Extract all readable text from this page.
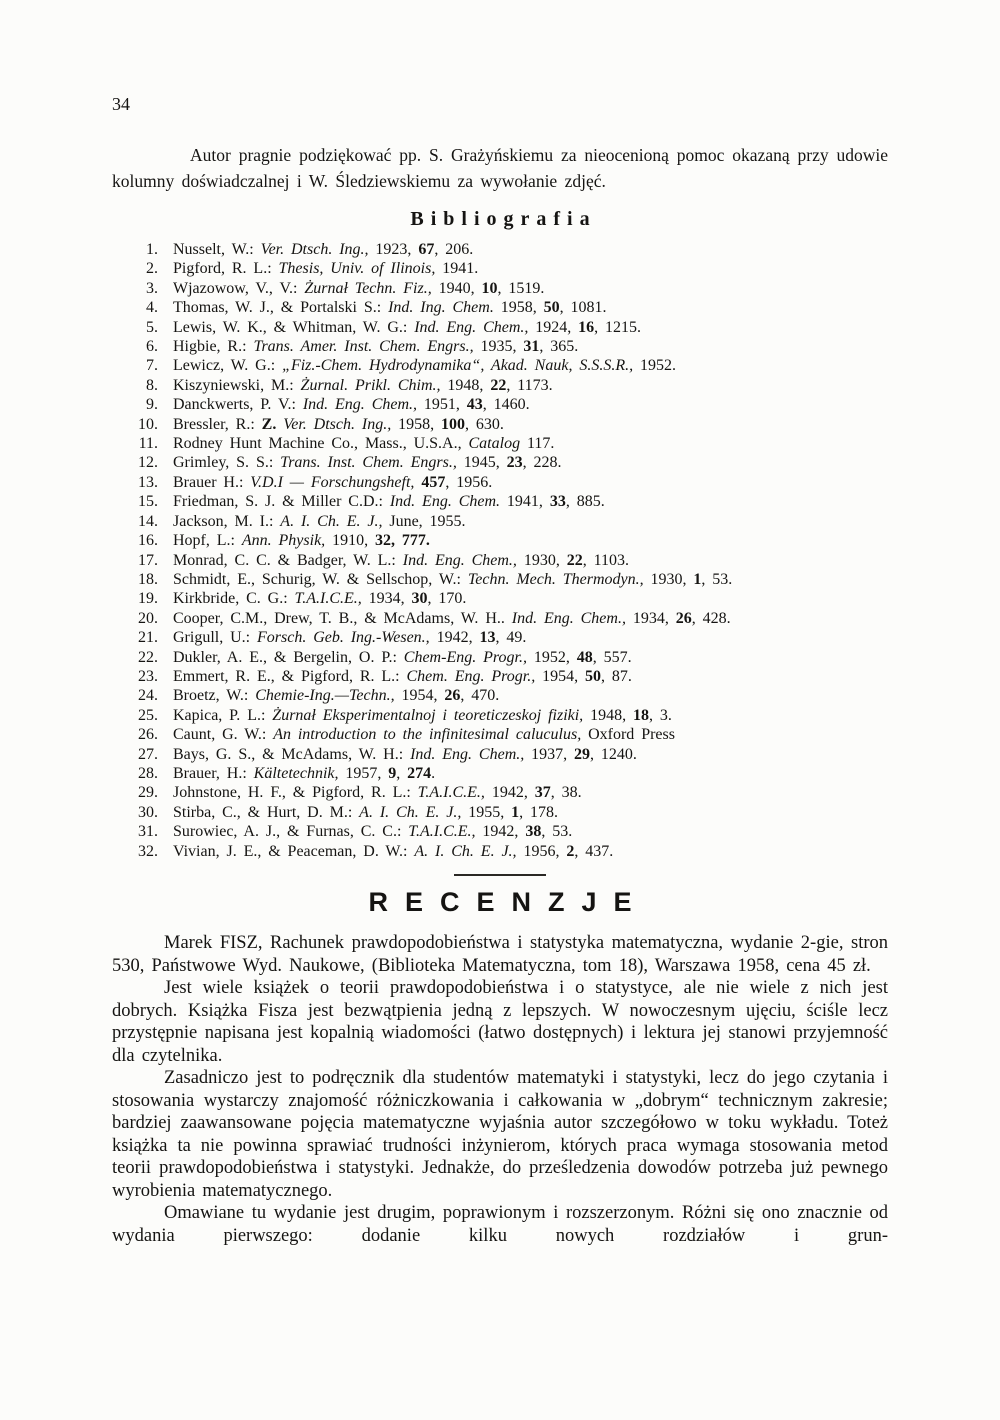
34

Autor pragnie podziękować pp. S. Grażyńskiemu za nieocenioną pomoc okazaną przy udowie kolumny doświadczalnej i W. Śledziewskiemu za wywołanie zdjęć.

Bibliografia
1. Nusselt, W.: Ver. Dtsch. Ing., 1923, 67, 206.
2. Pigford, R. L.: Thesis, Univ. of Ilinois, 1941.
3. Wjazowow, V., V.: Żurnał Techn. Fiz., 1940, 10, 1519.
4. Thomas, W. J., & Portalski S.: Ind. Ing. Chem. 1958, 50, 1081.
5. Lewis, W. K., & Whitman, W. G.: Ind. Eng. Chem., 1924, 16, 1215.
6. Higbie, R.: Trans. Amer. Inst. Chem. Engrs., 1935, 31, 365.
7. Lewicz, W. G.: „Fiz.-Chem. Hydrodynamika“, Akad. Nauk, S.S.S.R., 1952.
8. Kiszyniewski, M.: Żurnal. Prikl. Chim., 1948, 22, 1173.
9. Danckwerts, P. V.: Ind. Eng. Chem., 1951, 43, 1460.
10. Bressler, R.: Z. Ver. Dtsch. Ing., 1958, 100, 630.
11. Rodney Hunt Machine Co., Mass., U.S.A., Catalog 117.
12. Grimley, S. S.: Trans. Inst. Chem. Engrs., 1945, 23, 228.
13. Brauer H.: V.D.I — Forschungsheft, 457, 1956.
15. Friedman, S. J. & Miller C.D.: Ind. Eng. Chem. 1941, 33, 885.
14. Jackson, M. I.: A. I. Ch. E. J., June, 1955.
16. Hopf, L.: Ann. Physik, 1910, 32, 777.
17. Monrad, C. C. & Badger, W. L.: Ind. Eng. Chem., 1930, 22, 1103.
18. Schmidt, E., Schurig, W. & Sellschop, W.: Techn. Mech. Thermodyn., 1930, 1, 53.
19. Kirkbride, C. G.: T.A.I.C.E., 1934, 30, 170.
20. Cooper, C.M., Drew, T. B., & McAdams, W. H.. Ind. Eng. Chem., 1934, 26, 428.
21. Grigull, U.: Forsch. Geb. Ing.-Wesen., 1942, 13, 49.
22. Dukler, A. E., & Bergelin, O. P.: Chem-Eng. Progr., 1952, 48, 557.
23. Emmert, R. E., & Pigford, R. L.: Chem. Eng. Progr., 1954, 50, 87.
24. Broetz, W.: Chemie-Ing.—Techn., 1954, 26, 470.
25. Kapica, P. L.: Żurnał Eksperimentalnoj i teoreticzeskoj fiziki, 1948, 18, 3.
26. Caunt, G. W.: An introduction to the infinitesimal caluculus, Oxford Press
27. Bays, G. S., & McAdams, W. H.: Ind. Eng. Chem., 1937, 29, 1240.
28. Brauer, H.: Kältetechnik, 1957, 9, 274.
29. Johnstone, H. F., & Pigford, R. L.: T.A.I.C.E., 1942, 37, 38.
30. Stirba, C., & Hurt, D. M.: A. I. Ch. E. J., 1955, 1, 178.
31. Surowiec, A. J., & Furnas, C. C.: T.A.I.C.E., 1942, 38, 53.
32. Vivian, J. E., & Peaceman, D. W.: A. I. Ch. E. J., 1956, 2, 437.
RECENZJE

Marek FISZ, Rachunek prawdopodobieństwa i statystyka matematyczna, wydanie 2-gie, stron 530, Państwowe Wyd. Naukowe, (Biblioteka Matematyczna, tom 18), Warszawa 1958, cena 45 zł.

Jest wiele książek o teorii prawdopodobieństwa i o statystyce, ale nie wiele z nich jest dobrych. Książka Fisza jest bezwątpienia jedną z lepszych. W nowoczesnym ujęciu, ściśle lecz przystępnie napisana jest kopalnią wiadomości (łatwo dostępnych) i lektura jej stanowi przyjemność dla czytelnika.

Zasadniczo jest to podręcznik dla studentów matematyki i statystyki, lecz do jego czytania i stosowania wystarczy znajomość różniczkowania i całkowania w „dobrym“ technicznym zakresie; bardziej zaawansowane pojęcia matematyczne wyjaśnia autor szczegółowo w toku wykładu. Toteż książka ta nie powinna sprawiać trudności inżynierom, których praca wymaga stosowania metod teorii prawdopodobieństwa i statystyki. Jednakże, do prześledzenia dowodów potrzeba już pewnego wyrobienia matematycznego.

Omawiane tu wydanie jest drugim, poprawionym i rozszerzonym. Różni się ono znacznie od wydania pierwszego: dodanie kilku nowych rozdziałów i grun-
